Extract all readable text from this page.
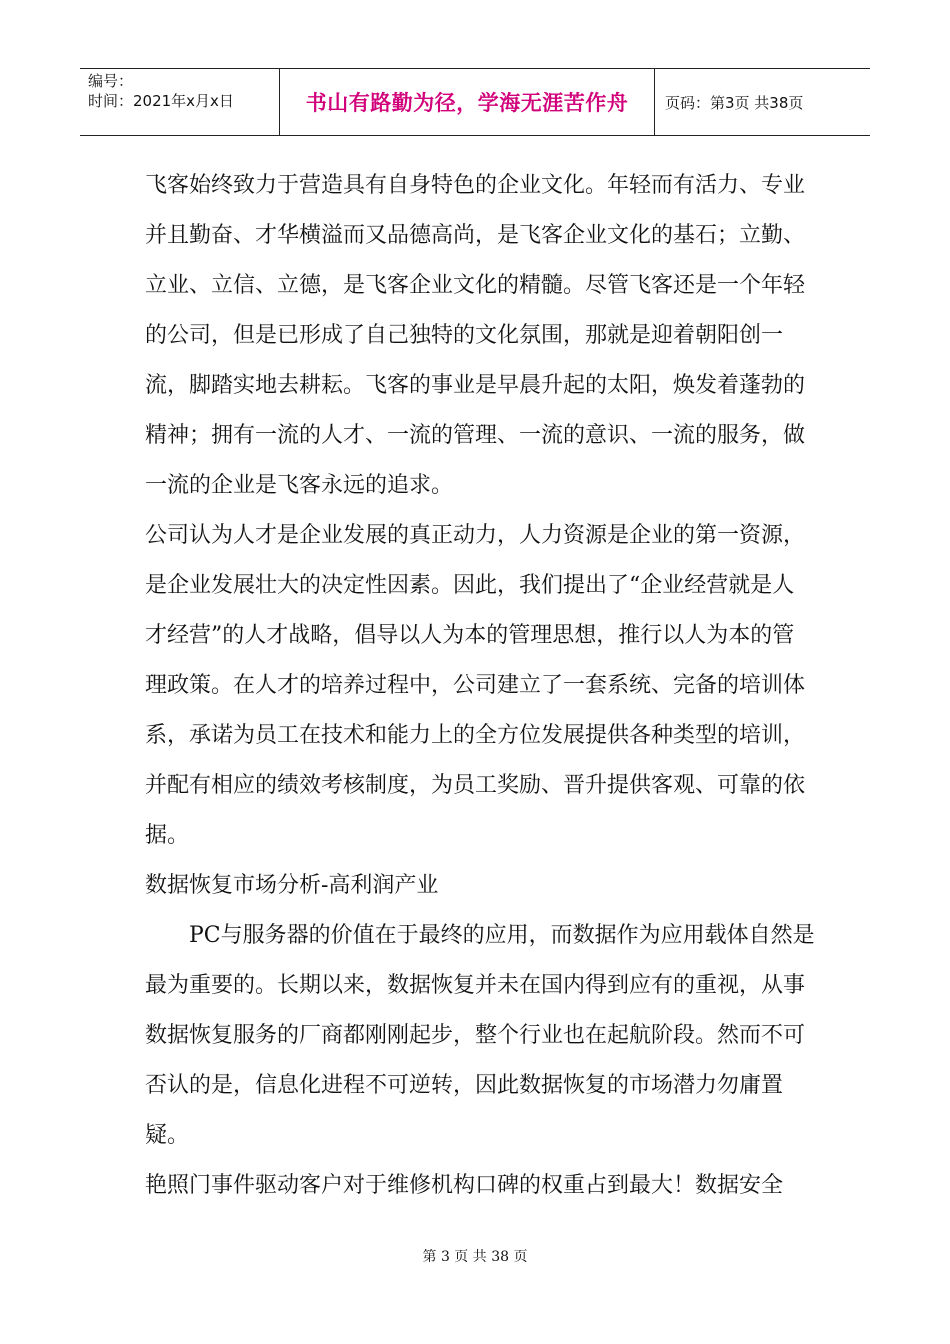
编号：
时间：2021年x月x日	书山有路勤为径，学海无涯苦作舟	页码：第3页 共38页

飞客始终致力于营造具有自身特色的企业文化。年轻而有活力、专业并且勤奋、才华横溢而又品德高尚，是飞客企业文化的基石；立勤、立业、立信、立德，是飞客企业文化的精髓。尽管飞客还是一个年轻的公司，但是已形成了自己独特的文化氛围，那就是迎着朝阳创一流，脚踏实地去耕耘。飞客的事业是早晨升起的太阳，焕发着蓬勃的精神；拥有一流的人才、一流的管理、一流的意识、一流的服务，做一流的企业是飞客永远的追求。

公司认为人才是企业发展的真正动力，人力资源是企业的第一资源，是企业发展壮大的决定性因素。因此，我们提出了“企业经营就是人才经营”的人才战略，倡导以人为本的管理思想，推行以人为本的管理政策。在人才的培养过程中，公司建立了一套系统、完备的培训体系，承诺为员工在技术和能力上的全方位发展提供各种类型的培训，并配有相应的绩效考核制度，为员工奖励、晋升提供客观、可靠的依据。

数据恢复市场分析-高利润产业

PC与服务器的价值在于最终的应用，而数据作为应用载体自然是最为重要的。长期以来，数据恢复并未在国内得到应有的重视，从事数据恢复服务的厂商都刚刚起步，整个行业也在起航阶段。然而不可否认的是，信息化进程不可逆转，因此数据恢复的市场潜力勿庸置疑。

艳照门事件驱动客户对于维修机构口碑的权重占到最大！数据安全

第 3 页 共 38 页
